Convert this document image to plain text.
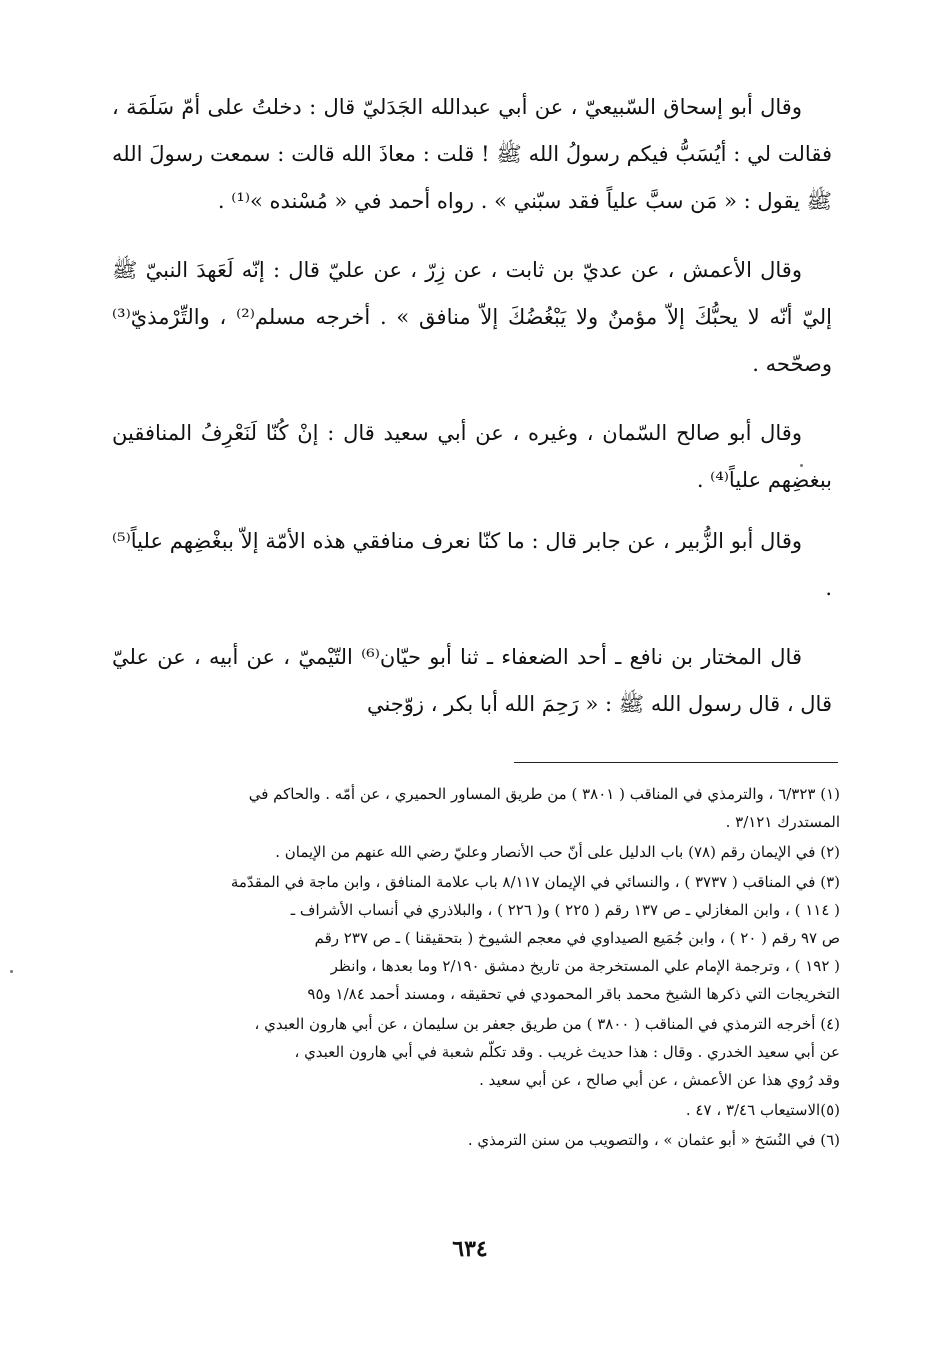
وقال أبو إسحاق السّبيعيّ ، عن أبي عبدالله الجَدَليّ قال : دخلتُ على أمّ سَلَمَة ، فقالت لي : أيُسَبُّ فيكم رسولُ الله ﷺ ! قلت : معاذَ الله قالت : سمعت رسولَ الله ﷺ يقول : « مَن سبَّ علياً فقد سبّني » . رواه أحمد في « مُسْنده »⁽¹⁾ .

وقال الأعمش ، عن عديّ بن ثابت ، عن زِرّ ، عن عليّ قال : إنّه لَعَهدَ النبيّ ﷺ إليّ أنّه لا يحبُّكَ إلاّ مؤمنٌ ولا يَبْغُضُكَ إلاّ منافق » . أخرجه مسلم⁽²⁾ ، والتِّرْمذيّ⁽³⁾ وصحّحه .

وقال أبو صالح السّمان ، وغيره ، عن أبي سعيد قال : إنْ كُنّا لَنَعْرِفُ المنافقين ببغضِهم علياً⁽⁴⁾ .

وقال أبو الزُّبير ، عن جابر قال : ما كنّا نعرف منافقي هذه الأمّة إلاّ ببغْضِهم علياً⁽⁵⁾ .

قال المختار بن نافع ـ أحد الضعفاء ـ ثنا أبو حيّان⁽⁶⁾ التّيْميّ ، عن أبيه ، عن عليّ قال ، قال رسول الله ﷺ : « رَحِمَ الله أبا بكر ، زوّجني

(١) ٦/٣٢٣ ، والترمذي في المناقب ( ٣٨٠١ ) من طريق المساور الحميري ، عن أمّه . والحاكم في
المستدرك ٣/١٢١ .
(٢) في الإيمان رقم (٧٨) باب الدليل على أنّ حب الأنصار وعليّ رضي الله عنهم من الإيمان .
(٣) في المناقب ( ٣٧٣٧ ) ، والنسائي في الإيمان ٨/١١٧ باب علامة المنافق ، وابن ماجة في المقدّمة
( ١١٤ ) ، وابن المغازلي ـ ص ١٣٧ رقم ( ٢٢٥ ) و( ٢٢٦ ) ، والبلاذري في أنساب الأشراف ـ
ص ٩٧ رقم ( ٢٠ ) ، وابن جُمَيع الصيداوي في معجم الشيوخ ( بتحقيقنا ) ـ ص ٢٣٧ رقم
( ١٩٢ ) ، وترجمة الإمام علي المستخرجة من تاريخ دمشق ٢/١٩٠ وما بعدها ، وانظر
التخريجات التي ذكرها الشيخ محمد باقر المحمودي في تحقيقه ، ومسند أحمد ١/٨٤ و٩٥
(٤) أخرجه الترمذي في المناقب ( ٣٨٠٠ ) من طريق جعفر بن سليمان ، عن أبي هارون العبدي ،
عن أبي سعيد الخدري . وقال : هذا حديث غريب . وقد تكلّم شعبة في أبي هارون العبدي ،
وقد رُوي هذا عن الأعمش ، عن أبي صالح ، عن أبي سعيد .
(٥)الاستيعاب ٣/٤٦ ، ٤٧ .
(٦) في النُسَخ « أبو عثمان » ، والتصويب من سنن الترمذي .
٦٣٤
